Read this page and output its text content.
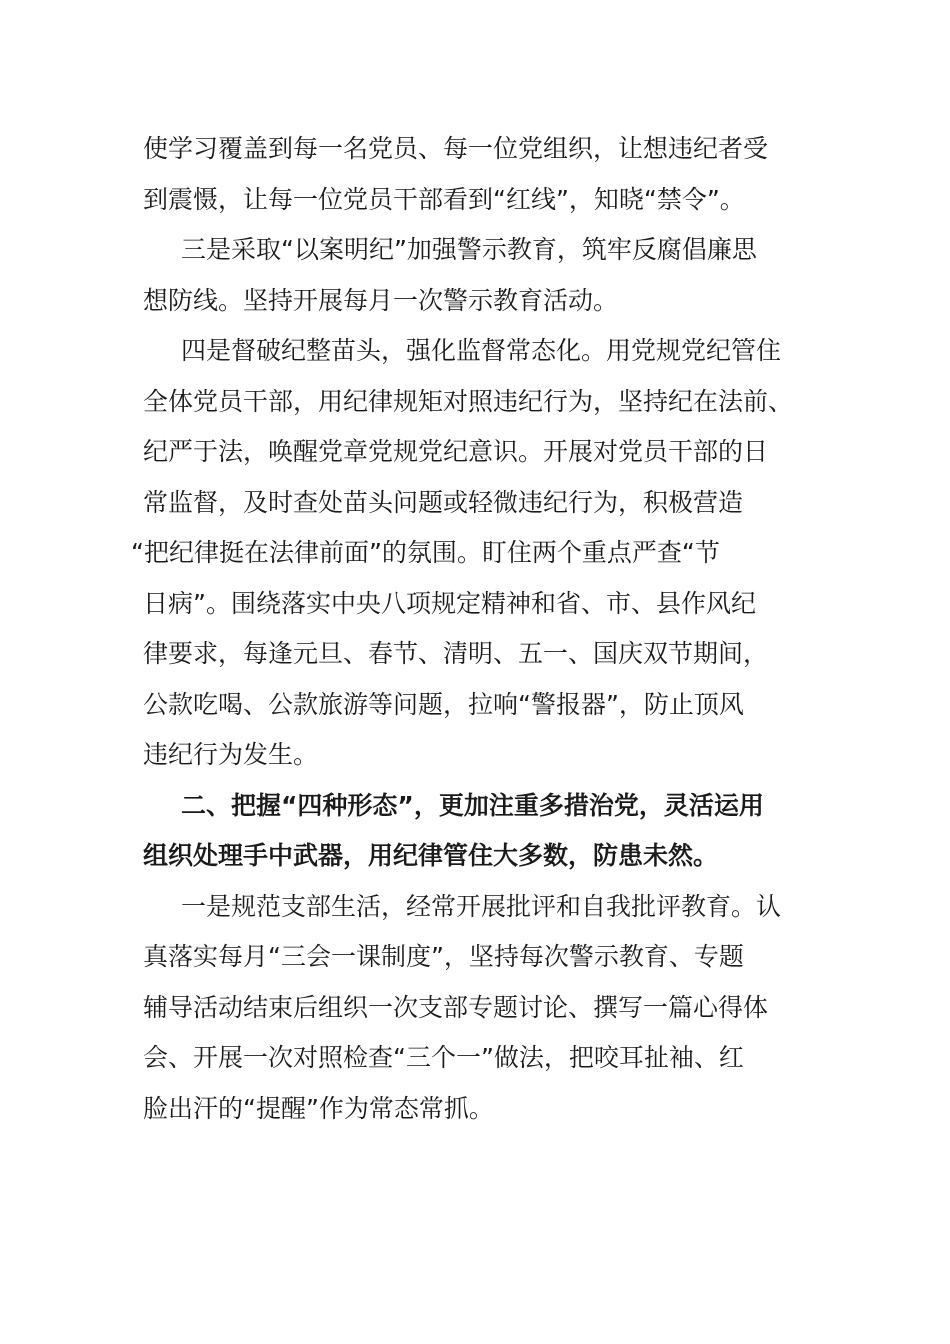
使学习覆盖到每一名党员、每一位党组织，让想违纪者受
到震慑，让每一位党员干部看到“红线”，知晓“禁令”。
三是采取“以案明纪”加强警示教育，筑牢反腐倡廉思
想防线。坚持开展每月一次警示教育活动。
四是督破纪整苗头，强化监督常态化。用党规党纪管住
全体党员干部，用纪律规矩对照违纪行为，坚持纪在法前、
纪严于法，唤醒党章党规党纪意识。开展对党员干部的日
常监督，及时查处苗头问题或轻微违纪行为，积极营造
“把纪律挺在法律前面”的氛围。盯住两个重点严查“节
日病”。围绕落实中央八项规定精神和省、市、县作风纪
律要求，每逢元旦、春节、清明、五一、国庆双节期间，
公款吃喝、公款旅游等问题，拉响“警报器”，防止顶风
违纪行为发生。
二、把握“四种形态”，更加注重多措治党，灵活运用
组织处理手中武器，用纪律管住大多数，防患未然。
一是规范支部生活，经常开展批评和自我批评教育。认
真落实每月“三会一课制度”，坚持每次警示教育、专题
辅导活动结束后组织一次支部专题讨论、撰写一篇心得体
会、开展一次对照检查“三个一”做法，把咬耳扯袖、红
脸出汗的“提醒”作为常态常抓。
